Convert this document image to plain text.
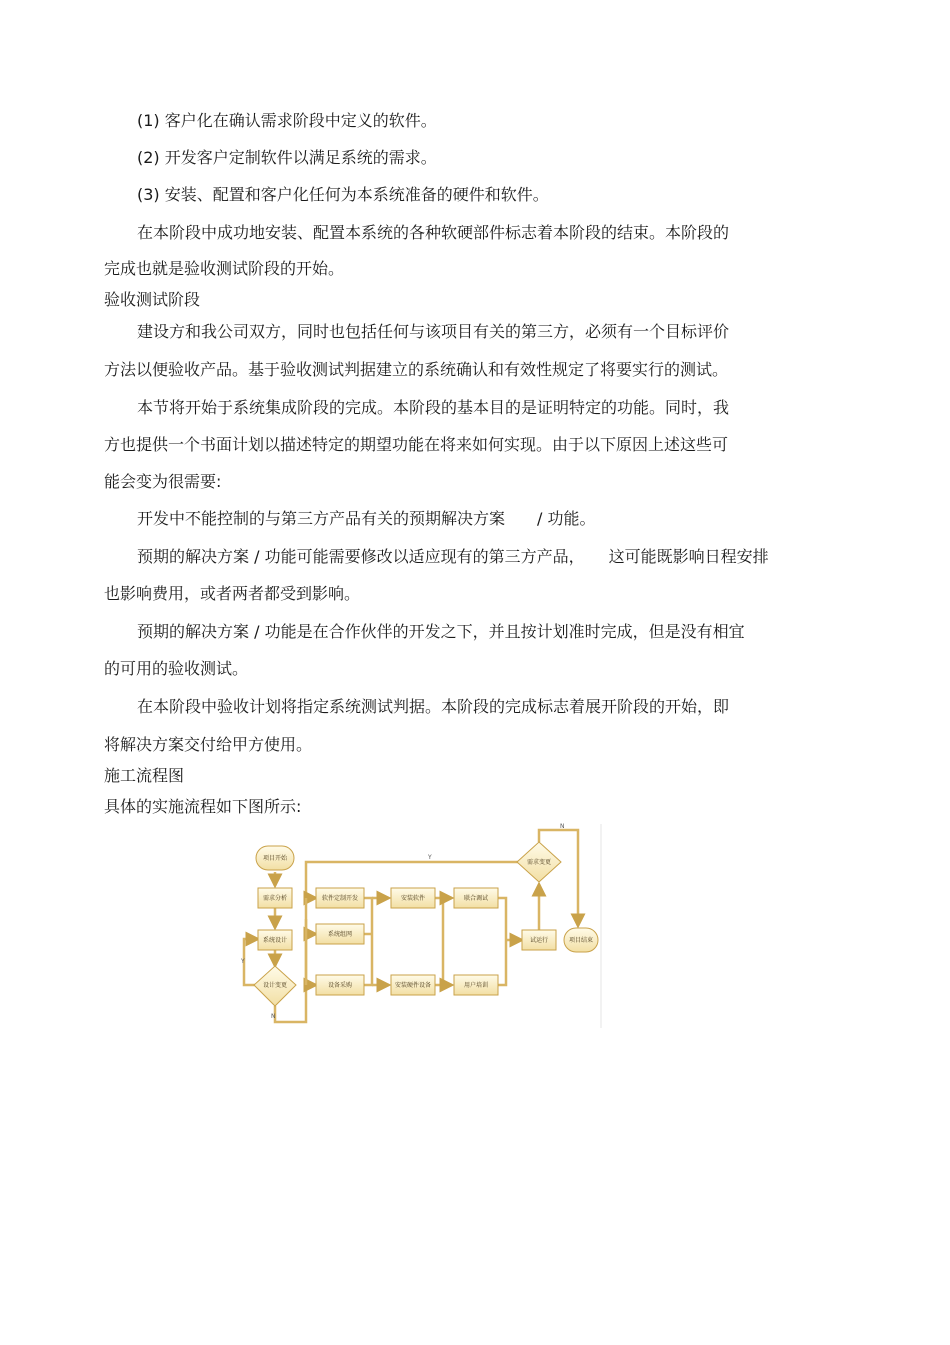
(1) 客户化在确认需求阶段中定义的软件。
(2) 开发客户定制软件以满足系统的需求。
(3) 安装、配置和客户化任何为本系统准备的硬件和软件。
在本阶段中成功地安装、配置本系统的各种软硬部件标志着本阶段的结束。本阶段的
完成也就是验收测试阶段的开始。
验收测试阶段
建设方和我公司双方，同时也包括任何与该项目有关的第三方，必须有一个目标评价
方法以便验收产品。基于验收测试判据建立的系统确认和有效性规定了将要实行的测试。
本节将开始于系统集成阶段的完成。本阶段的基本目的是证明特定的功能。同时，我
方也提供一个书面计划以描述特定的期望功能在将来如何实现。由于以下原因上述这些可
能会变为很需要:
开发中不能控制的与第三方产品有关的预期解决方案　　/ 功能。
预期的解决方案 / 功能可能需要修改以适应现有的第三方产品，　　这可能既影响日程安排
也影响费用，或者两者都受到影响。
预期的解决方案 / 功能是在合作伙伴的开发之下，并且按计划准时完成，但是没有相宜
的可用的验收测试。
在本阶段中验收计划将指定系统测试判据。本阶段的完成标志着展开阶段的开始，即
将解决方案交付给甲方使用。
施工流程图
具体的实施流程如下图所示:
项目开始
需求分析
系统设计
设计变更
软件定制开发
系统组网
设备采购
安装软件
安装硬件设备
联合调试
用户培训
试运行
需求变更
项目结束
Y
N
Y
N
